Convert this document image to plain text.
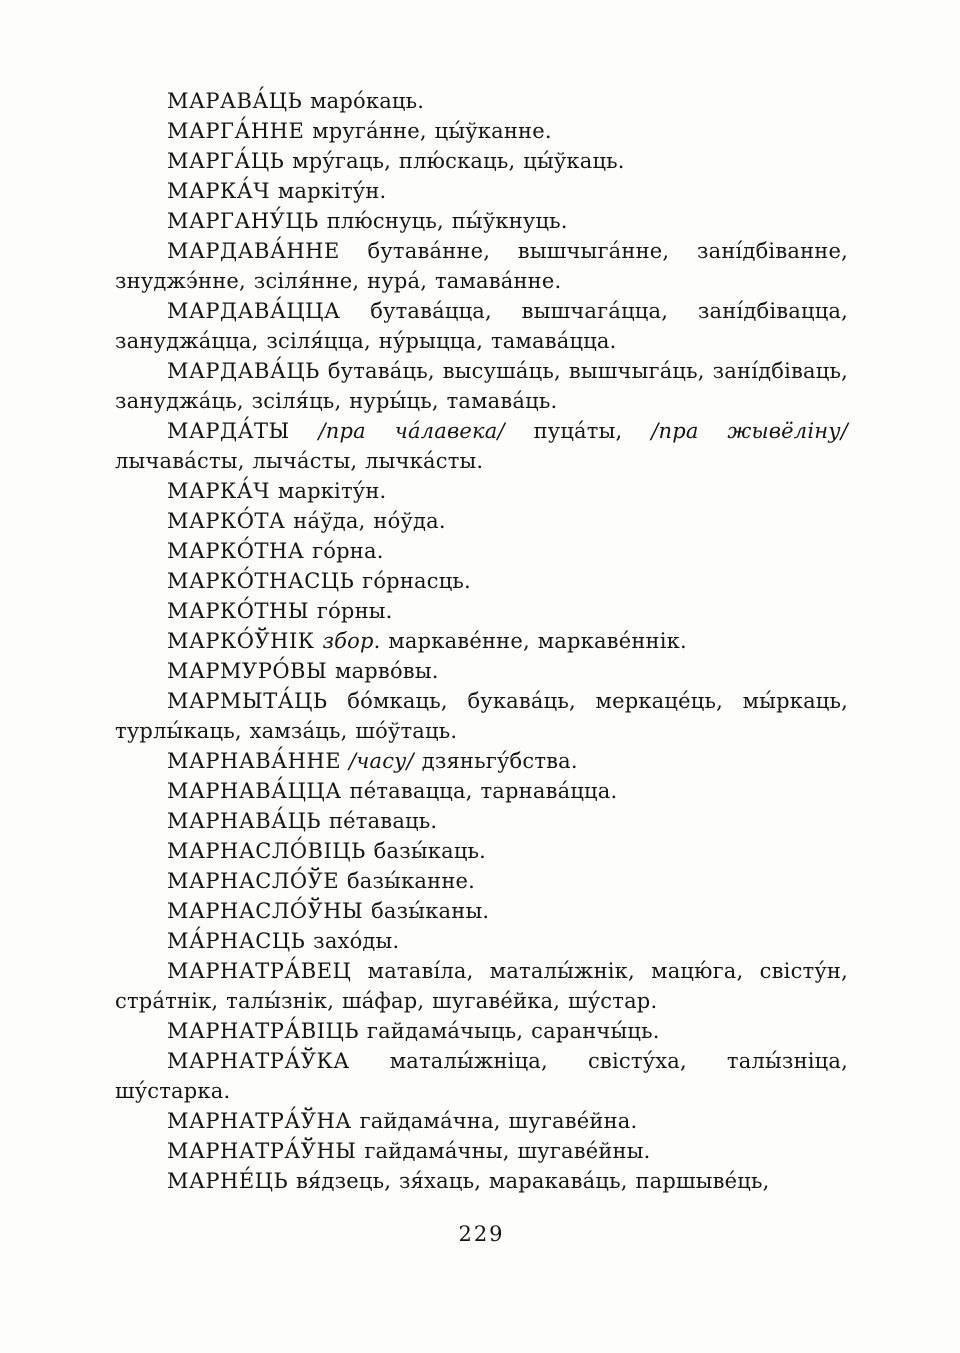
МАРАВА́ЦЬ маро́каць.

МАРГА́ННЕ мруга́нне, цы́ўканне.

МАРГА́ЦЬ мру́гаць, плю́скаць, цы́ўкаць.

МАРКА́Ч маркіту́н.

МАРГАНУ́ЦЬ плю́снуць, пы́ўкнуць.

МАРДАВА́ННЕ бутава́нне, вышчыга́нне, зані́дбіванне, знуджэ́нне, зсіля́нне, нура́, тамава́нне.

МАРДАВА́ЦЦА бутава́цца, вышчага́цца, зані́дбівацца, зануджа́цца, зсіля́цца, ну́рыцца, тамава́цца.

МАРДАВА́ЦЬ бутава́ць, высуша́ць, вышчыга́ць, зані́дбіваць, зануджа́ць, зсіля́ць, нуры́ць, тамава́ць.

МАРДА́ТЫ /пра ча́лавека/ пуца́ты, /пра жывёліну/ лычава́сты, лыча́сты, лычка́сты.

МАРКА́Ч маркіту́н.

МАРКО́ТА на́ўда, но́ўда.

МАРКО́ТНА го́рна.

МАРКО́ТНАСЦЬ го́рнасць.

МАРКО́ТНЫ го́рны.

МАРКО́ЎНІК збор. маркаве́нне, маркаве́ннік.

МАРМУРО́ВЫ марво́вы.

МАРМЫТА́ЦЬ бо́мкаць, букава́ць, меркаце́ць, мы́ркаць, турлы́каць, хамза́ць, шо́ўтаць.

МАРНАВА́ННЕ /часу/ дзяньгу́бства.

МАРНАВА́ЦЦА пе́тавацца, тарнава́цца.

МАРНАВА́ЦЬ пе́таваць.

МАРНАСЛО́ВІЦЬ базы́каць.

МАРНАСЛО́ЎЕ базы́канне.

МАРНАСЛО́ЎНЫ базы́каны.

МА́РНАСЦЬ захо́ды.

МАРНАТРА́ВЕЦ матаві́ла, маталы́жнік, мацю́га, свісту́н, стра́тнік, талы́знік, ша́фар, шугаве́йка, шу́стар.

МАРНАТРА́ВІЦЬ гайдама́чыць, саранчы́ць.

МАРНАТРА́ЎКА маталы́жніца, свісту́ха, талы́зніца, шу́старка.

МАРНАТРА́ЎНА гайдама́чна, шугаве́йна.

МАРНАТРА́ЎНЫ гайдама́чны, шугаве́йны.

МАРНЕ́ЦЬ вя́дзець, зя́хаць, маракава́ць, паршыве́ць,

229
